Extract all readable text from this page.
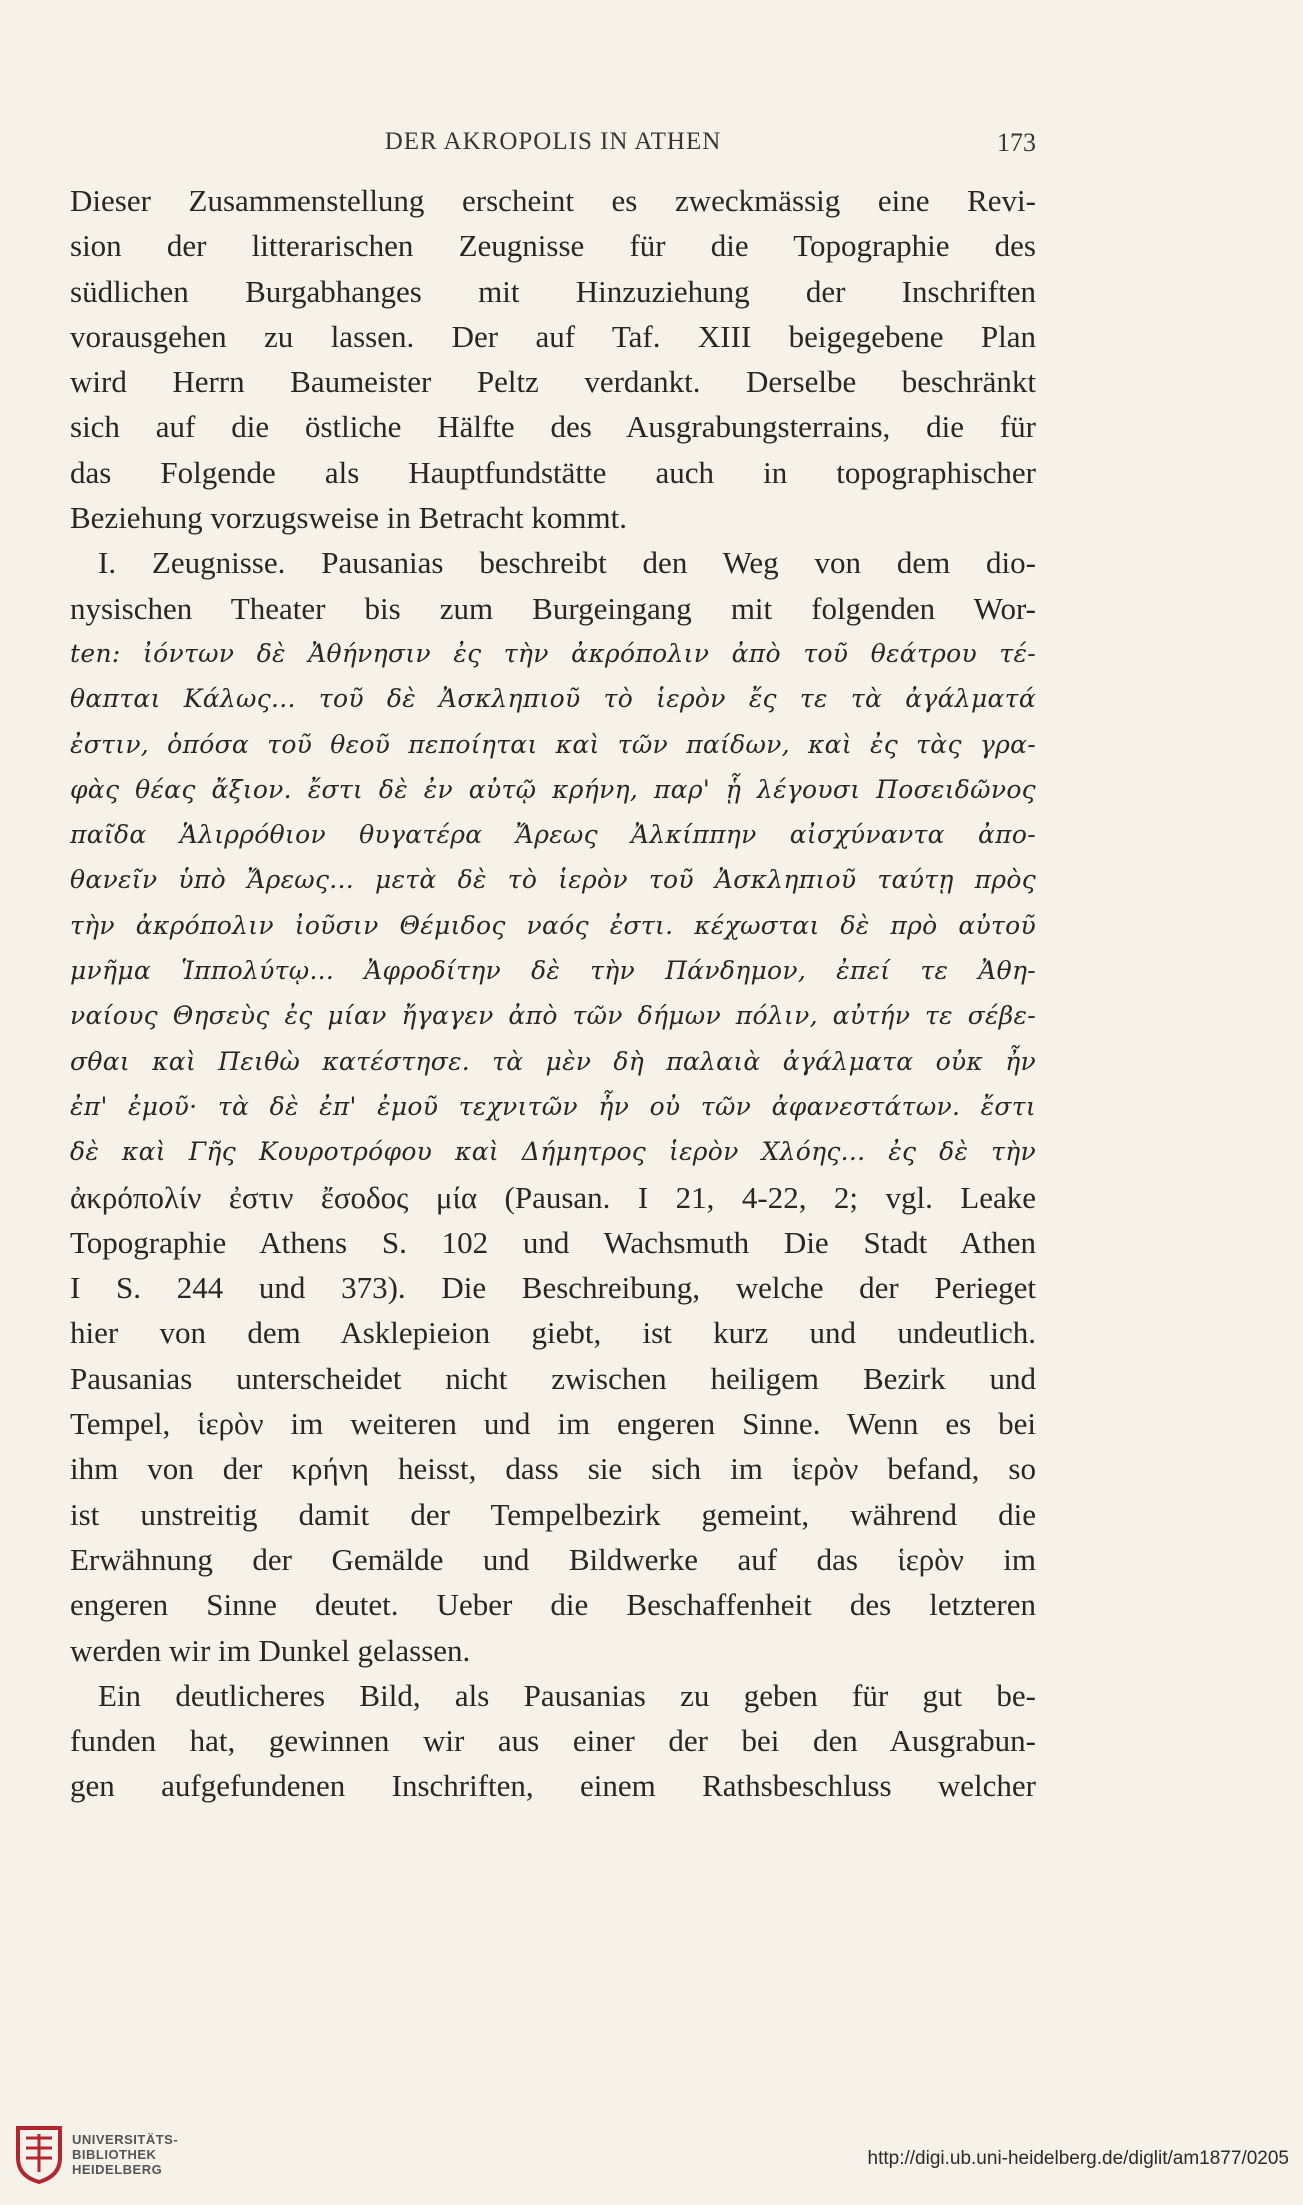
DER AKROPOLIS IN ATHEN	173
Dieser Zusammenstellung erscheint es zweckmässig eine Revi-
sion der litterarischen Zeugnisse für die Topographie des
südlichen Burgabhanges mit Hinzuziehung der Inschriften
vorausgehen zu lassen. Der auf Taf. XIII beigegebene Plan
wird Herrn Baumeister Peltz verdankt. Derselbe beschränkt
sich auf die östliche Hälfte des Ausgrabungsterrains, die für
das Folgende als Hauptfundstätte auch in topographischer
Beziehung vorzugsweise in Betracht kommt.
I. Zeugnisse. Pausanias beschreibt den Weg von dem dio-
nysischen Theater bis zum Burgeingang mit folgenden Wor-
ten: ἰόντων δὲ Ἀθήνησιν ἐς τὴν ἀκρόπολιν ἀπὸ τοῦ θεάτρου τέ-
θαπται Κάλως... τοῦ δὲ Ἀσκληπιοῦ τὸ ἱερὸν ἔς τε τὰ ἀγάλματά
ἐστιν, ὁπόσα τοῦ θεοῦ πεποίηται καὶ τῶν παίδων, καὶ ἐς τὰς γρα-
φὰς θέας ἄξιον. ἔστι δὲ ἐν αὐτῷ κρήνη, παρ' ᾗ λέγουσι Ποσειδῶνος
παῖδα Ἁλιρρόθιον θυγατέρα Ἄρεως Ἀλκίππην αἰσχύναντα ἀπο-
θανεῖν ὑπὸ Ἄρεως... μετὰ δὲ τὸ ἱερὸν τοῦ Ἀσκληπιοῦ ταύτῃ πρὸς
τὴν ἀκρόπολιν ἰοῦσιν Θέμιδος ναός ἐστι. κέχωσται δὲ πρὸ αὐτοῦ
μνῆμα Ἱππολύτῳ... Ἀφροδίτην δὲ τὴν Πάνδημον, ἐπεί τε Ἀθη-
ναίους Θησεὺς ἐς μίαν ἤγαγεν ἀπὸ τῶν δήμων πόλιν, αὐτήν τε σέβε-
σθαι καὶ Πειθὼ κατέστησε. τὰ μὲν δὴ παλαιὰ ἀγάλματα οὐκ ἦν
ἐπ' ἐμοῦ· τὰ δὲ ἐπ' ἐμοῦ τεχνιτῶν ἦν οὐ τῶν ἀφανεστάτων. ἔστι
δὲ καὶ Γῆς Κουροτρόφου καὶ Δήμητρος ἱερὸν Χλόης... ἐς δὲ τὴν
ἀκρόπολίν ἐστιν ἔσοδος μία (Pausan. I 21, 4-22, 2; vgl. Leake
Topographie Athens S. 102 und Wachsmuth Die Stadt Athen
I S. 244 und 373). Die Beschreibung, welche der Perieget
hier von dem Asklepieion giebt, ist kurz und undeutlich.
Pausanias unterscheidet nicht zwischen heiligem Bezirk und
Tempel, ἱερὸν im weiteren und im engeren Sinne. Wenn es bei
ihm von der κρήνη heisst, dass sie sich im ἱερὸν befand, so
ist unstreitig damit der Tempelbezirk gemeint, während die
Erwähnung der Gemälde und Bildwerke auf das ἱερὸν im
engeren Sinne deutet. Ueber die Beschaffenheit des letzteren
werden wir im Dunkel gelassen.
Ein deutlicheres Bild, als Pausanias zu geben für gut be-
funden hat, gewinnen wir aus einer der bei den Ausgrabun-
gen aufgefundenen Inschriften, einem Rathsbeschluss welcher
UNIVERSITÄTS-
BIBLIOTHEK
HEIDELBERG
http://digi.ub.uni-heidelberg.de/diglit/am1877/0205
